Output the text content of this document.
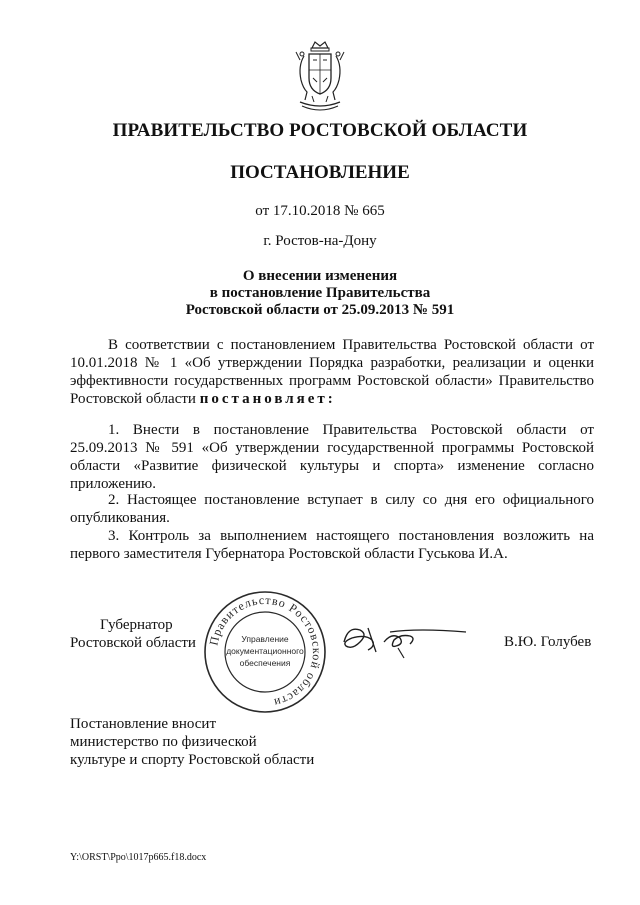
ПРАВИТЕЛЬСТВО РОСТОВСКОЙ ОБЛАСТИ
ПОСТАНОВЛЕНИЕ
от 17.10.2018 № 665
г. Ростов-на-Дону
О внесении изменения
в постановление Правительства
Ростовской области от 25.09.2013 № 591
В соответствии с постановлением Правительства Ростовской области от 10.01.2018 № 1 «Об утверждении Порядка разработки, реализации и оценки эффективности государственных программ Ростовской области» Правительство Ростовской области постановляет:
1. Внести в постановление Правительства Ростовской области от 25.09.2013 № 591 «Об утверждении государственной программы Ростовской области «Развитие физической культуры и спорта» изменение согласно приложению.
2. Настоящее постановление вступает в силу со дня его официального опубликования.
3. Контроль за выполнением настоящего постановления возложить на первого заместителя Губернатора Ростовской области Гуськова И.А.
Губернатор
Ростовской области Правительство Ростовской области
Управление
документационного
обеспечения
В.Ю. Голубев
Постановление вносит
министерство по физической
культуре и спорту Ростовской области
Y:\ORST\Ppo\1017p665.f18.docx
